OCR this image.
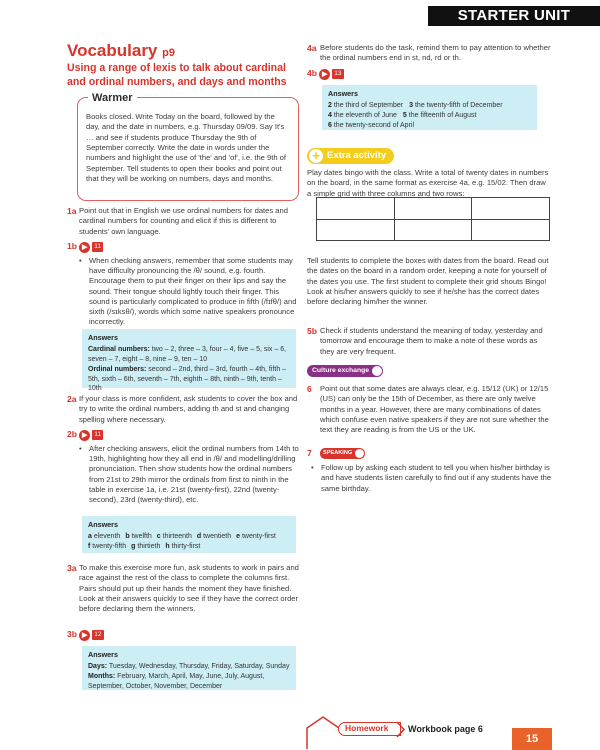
STARTER UNIT
Vocabulary p9
Using a range of lexis to talk about cardinal and ordinal numbers, and days and months
Books closed. Write Today on the board, followed by the day, and the date in numbers, e.g. Thursday 09/09. Say It's … and see if students produce Thursday the 9th of September correctly. Write the date in words under the numbers and highlight the use of 'the' and 'of', i.e. the 9th of September. Tell students to open their books and point out that they will be working on numbers, days and months.
Warmer
1a Point out that in English we use ordinal numbers for dates and cardinal numbers for counting and elicit if this is different to students' own language.
1b ▶ 11
• When checking answers, remember that some students may have difficulty pronouncing the /θ/ sound, e.g. fourth. Encourage them to put their finger on their lips and say the sound. Their tongue should lightly touch their finger. This sound is particularly complicated to produce in fifth (/fɪfθ/) and sixth (/sɪksθ/), words which some native speakers pronounce incorrectly.
Answers
Cardinal numbers: two – 2, three – 3, four – 4, five – 5, six – 6, seven – 7, eight – 8, nine – 9, ten – 10
Ordinal numbers: second – 2nd, third – 3rd, fourth – 4th, fifth – 5th, sixth – 6th, seventh – 7th, eighth – 8th, ninth – 9th, tenth – 10th
2a If your class is more confident, ask students to cover the box and try to write the ordinal numbers, adding th and st and changing spelling where necessary.
2b ▶ 11
• After checking answers, elicit the ordinal numbers from 14th to 19th, highlighting how they all end in /θ/ and modelling/drilling pronunciation. Then show students how the ordinal numbers from 21st to 29th mirror the ordinals from first to ninth in the table in exercise 1a, i.e. 21st (twenty-first), 22nd (twenty-second), 23rd (twenty-third), etc.
Answers
a eleventh b twelfth c thirteenth d twentieth e twenty-first
f twenty-fifth g thirtieth h thirty-first
3a To make this exercise more fun, ask students to work in pairs and race against the rest of the class to complete the columns first. Pairs should put up their hands the moment they have finished. Look at their answers quickly to see if they have the correct order before declaring them the winners.
3b ▶ 12
Answers
Days: Tuesday, Wednesday, Thursday, Friday, Saturday, Sunday
Months: February, March, April, May, June, July, August, September, October, November, December
4a Before students do the task, remind them to pay attention to whether the ordinal numbers end in st, nd, rd or th.
4b ▶ 13
Answers
2 the third of September 3 the twenty-fifth of December
4 the eleventh of June 5 the fifteenth of August
6 the twenty-second of April
+ Extra activity
Play dates bingo with the class. Write a total of twenty dates in numbers on the board, in the same format as exercise 4a, e.g. 15/02. Then draw a simple grid with three columns and two rows:

Tell students to complete the boxes with dates from the board. Read out the dates on the board in a random order, keeping a note for yourself of the dates you use. The first student to complete their grid shouts Bingo! Look at his/her answers quickly to see if he/she has the correct dates before declaring him/her the winner.
5b Check if students understand the meaning of today, yesterday and tomorrow and encourage them to make a note of these words as they are very frequent.
Culture exchange
6	Point out that some dates are always clear, e.g. 15/12 (UK) or 12/15 (US) can only be the 15th of December, as there are only twelve months in a year. However, there are many combinations of dates which confuse even native speakers if they are not sure whether the text they are reading is from the US or the UK.
7	SPEAKING
• Follow up by asking each student to tell you when his/her birthday is and have students listen carefully to find out if any students have the same birthday.
Homework	Workbook page 6
15
